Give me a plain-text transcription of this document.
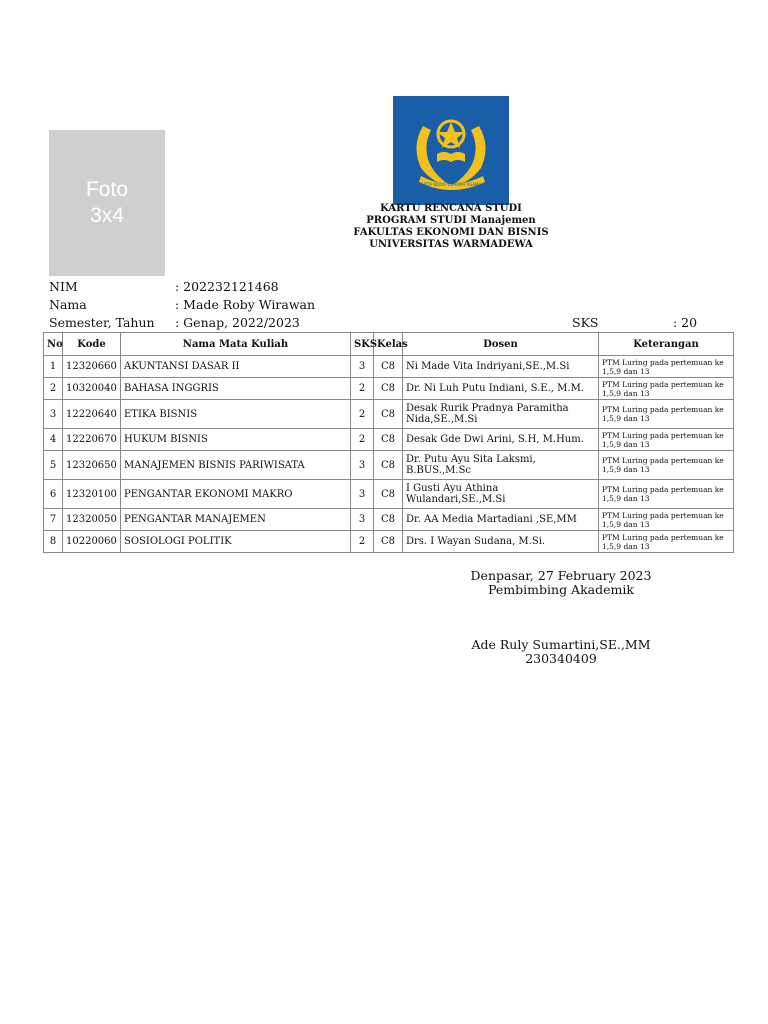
Foto
3x4
CIPTA WIDYA DHARMA AGAMA
KARTU RENCANA STUDI
PROGRAM STUDI Manajemen
FAKULTAS EKONOMI DAN BISNIS
UNIVERSITAS WARMADEWA
NIM	: 202232121468
Nama	: Made Roby Wirawan
Semester, Tahun : Genap, 2022/2023	SKS	: 20
No	Kode	Nama Mata Kuliah	SKS	Kelas	Dosen	Keterangan
1	12320660	AKUNTANSI DASAR II	3	C8	Ni Made Vita Indriyani,SE.,M.Si	PTM Luring pada pertemuan ke 1,5,9 dan 13
2	10320040	BAHASA INGGRIS	2	C8	Dr. Ni Luh Putu Indiani, S.E., M.M.	PTM Luring pada pertemuan ke 1,5,9 dan 13
3	12220640	ETIKA BISNIS	2	C8	Desak Rurik Pradnya Paramitha Nida,SE.,M.Si	PTM Luring pada pertemuan ke 1,5,9 dan 13
4	12220670	HUKUM BISNIS	2	C8	Desak Gde Dwi Arini, S.H, M.Hum.	PTM Luring pada pertemuan ke 1,5,9 dan 13
5	12320650	MANAJEMEN BISNIS PARIWISATA	3	C8	Dr. Putu Ayu Sita Laksmi, B.BUS.,M.Sc	PTM Luring pada pertemuan ke 1,5,9 dan 13
6	12320100	PENGANTAR EKONOMI MAKRO	3	C8	I Gusti Ayu Athina Wulandari,SE.,M.Si	PTM Luring pada pertemuan ke 1,5,9 dan 13
7	12320050	PENGANTAR MANAJEMEN	3	C8	Dr. AA Media Martadiani ,SE,MM	PTM Luring pada pertemuan ke 1,5,9 dan 13
8	10220060	SOSIOLOGI POLITIK	2	C8	Drs. I Wayan Sudana, M.Si.	PTM Luring pada pertemuan ke 1,5,9 dan 13
Denpasar, 27 February 2023
Pembimbing Akademik
Ade Ruly Sumartini,SE.,MM
230340409
